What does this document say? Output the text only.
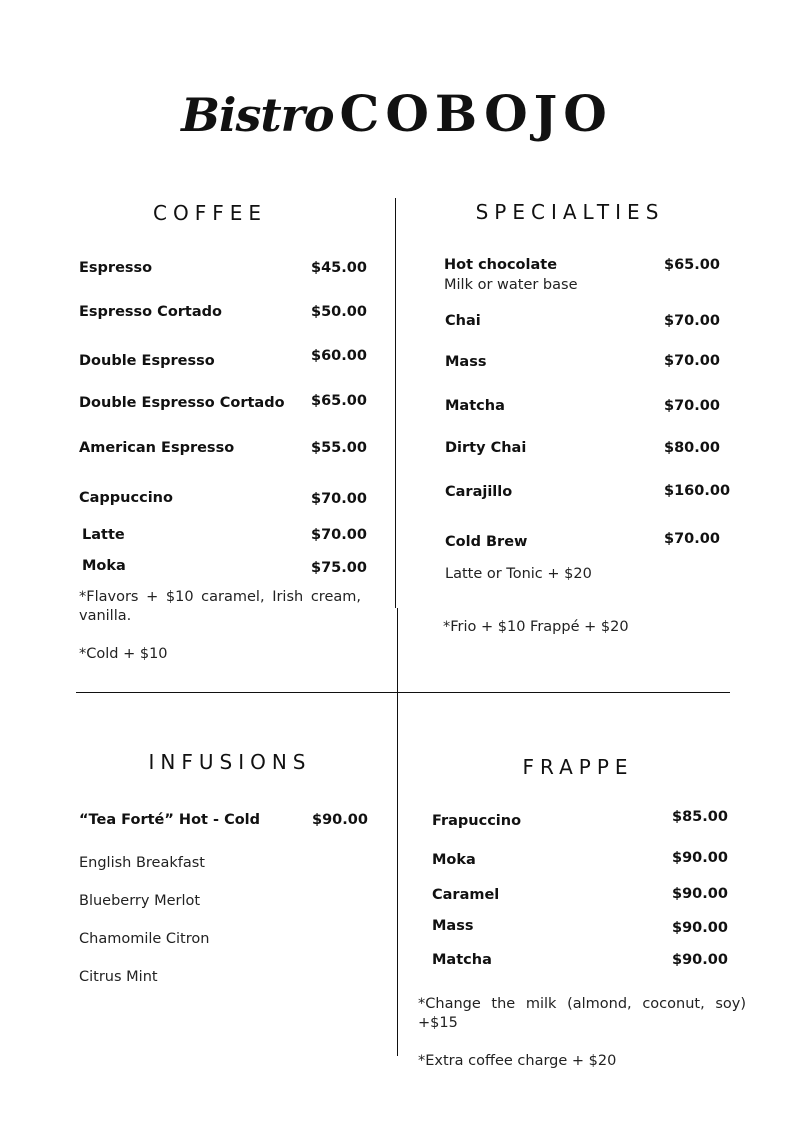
Bistro COBOJO
COFFEE
Espresso	$45.00
Espresso Cortado	$50.00
Double Espresso	$60.00
Double Espresso Cortado $65.00
American Espresso	$55.00
Cappuccino	$70.00
Latte	$70.00
Moka	$75.00
*Flavors + $10 caramel, Irish cream, vanilla.
*Cold + $10
SPECIALTIES
Hot chocolate	$65.00
Milk or water base
Chai	$70.00
Mass	$70.00
Matcha	$70.00
Dirty Chai	$80.00
Carajillo	$160.00
Cold Brew	$70.00
Latte or Tonic + $20
*Frio + $10 Frappé + $20
INFUSIONS
“Tea Forté” Hot - Cold	$90.00
English Breakfast
Blueberry Merlot
Chamomile Citron
Citrus Mint
FRAPPE
Frapuccino	$85.00
Moka	$90.00
Caramel	$90.00
Mass	$90.00
Matcha	$90.00
*Change the milk (almond, coconut, soy) +$15
*Extra coffee charge + $20
